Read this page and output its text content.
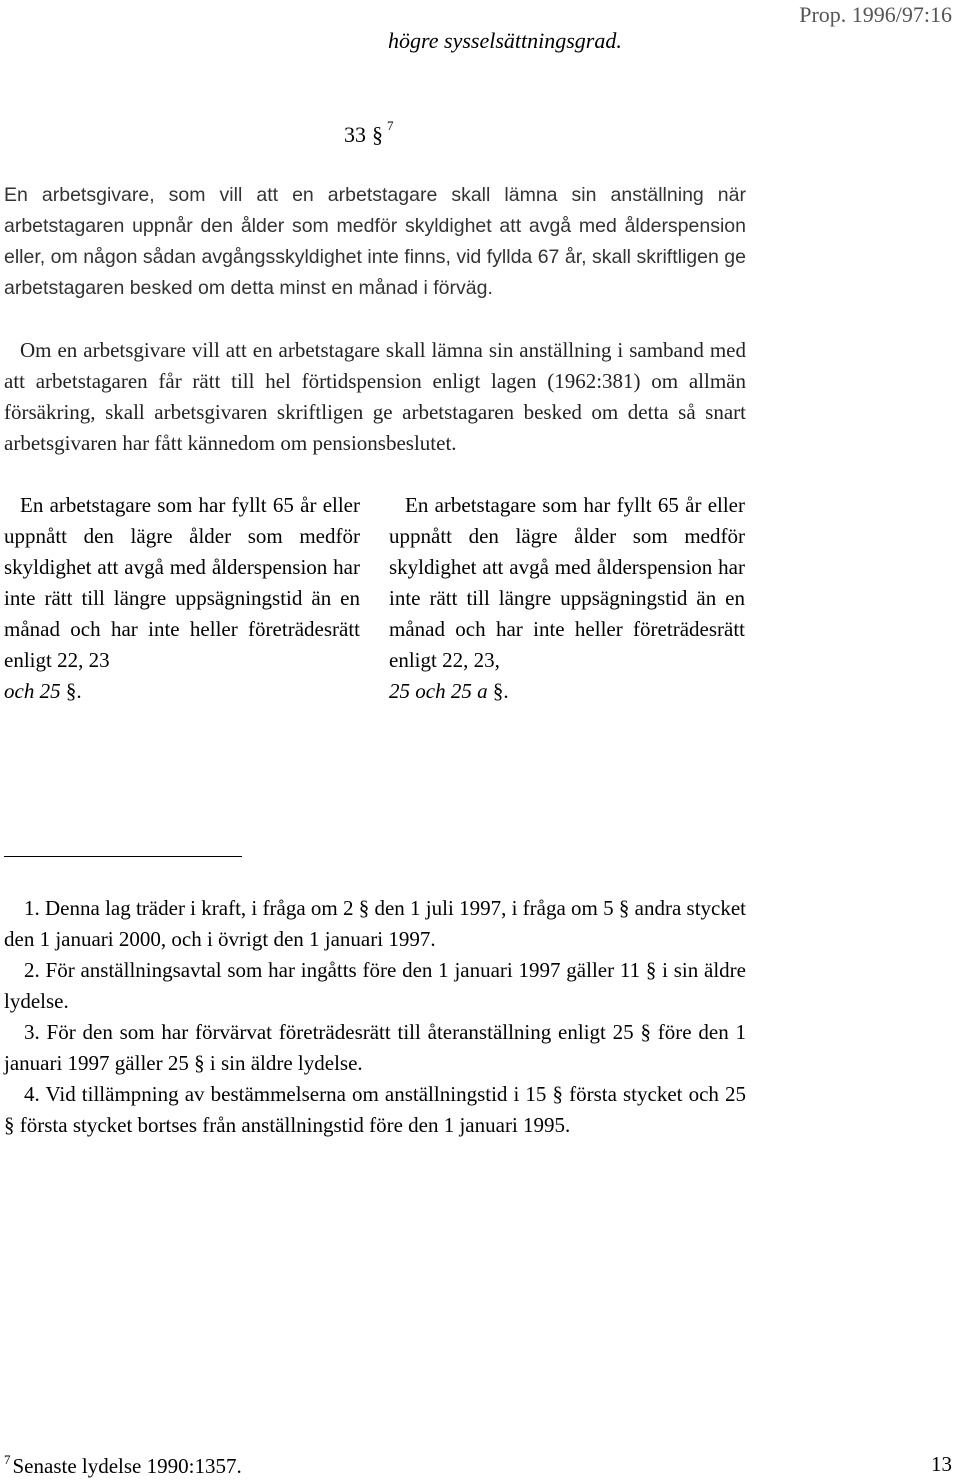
högre sysselsättningsgrad.
Prop. 1996/97:16
33 § $^7$

En arbetsgivare, som vill att en arbetstagare skall lämna sin anställning när arbetstagaren uppnår den ålder som medför skyldighet att avgå med ålderspension eller, om någon sådan avgångsskyldighet inte finns, vid fyllda 67 år, skall skriftligen ge arbetstagaren besked om detta minst en månad i förväg.

Om en arbetsgivare vill att en arbetstagare skall lämna sin anställning i samband med att arbetstagaren får rätt till hel förtidspension enligt lagen (1962:381) om allmän försäkring, skall arbetsgivaren skriftligen ge arbetstagaren besked om detta så snart arbetsgivaren har fått kännedom om pensionsbeslutet.

En arbetstagare som har fyllt 65 år eller uppnått den lägre ålder som medför skyldighet att avgå med ålderspension har inte rätt till längre uppsägningstid än en månad och har inte heller företrädesrätt enligt 22, 23
och 25 §.

En arbetstagare som har fyllt 65 år eller uppnått den lägre ålder som medför skyldighet att avgå med ålderspension har inte rätt till längre uppsägningstid än en månad och har inte heller företrädesrätt enligt 22, 23,
25 och 25 a §.

1. Denna lag träder i kraft, i fråga om 2 § den 1 juli 1997, i fråga om 5 § andra stycket den 1 januari 2000, och i övrigt den 1 januari 1997.

2. För anställningsavtal som har ingåtts före den 1 januari 1997 gäller 11 § i sin äldre lydelse.

3. För den som har förvärvat företrädesrätt till återanställning enligt 25 § före den 1 januari 1997 gäller 25 § i sin äldre lydelse.

4. Vid tillämpning av bestämmelserna om anställningstid i 15 § första stycket och 25 § första stycket bortses från anställningstid före den 1 januari 1995.

$^7$Senaste lydelse 1990:1357.	13
